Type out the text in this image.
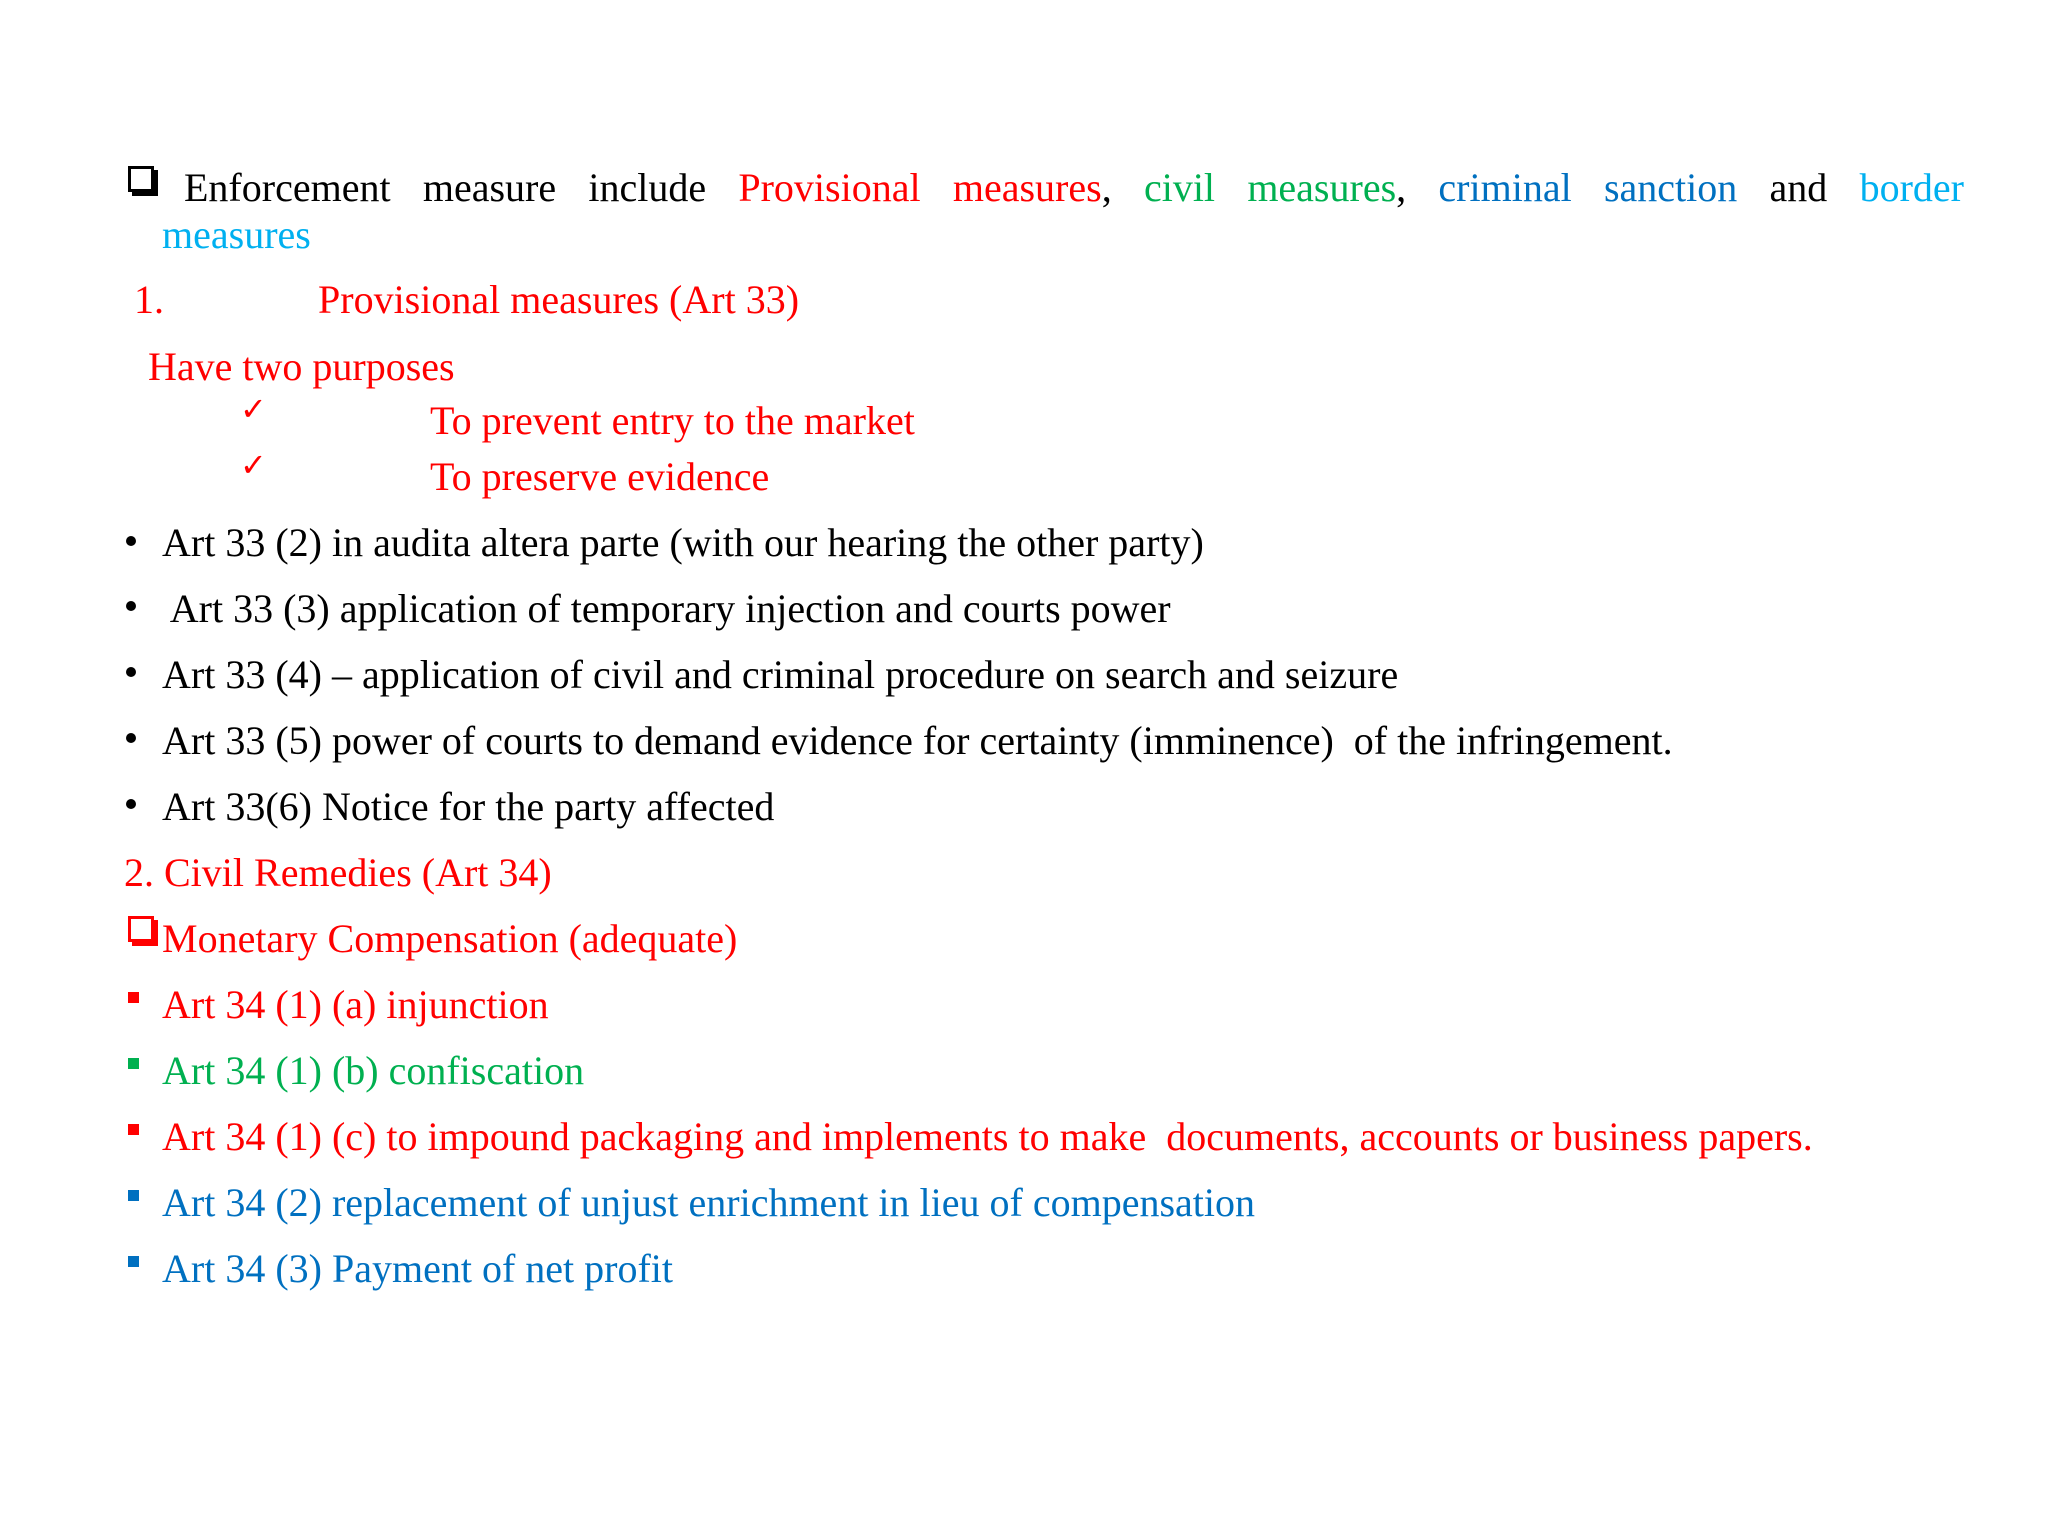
Enforcement measure include Provisional measures, civil measures, criminal sanction and border
measures
1.	Provisional measures (Art 33)
Have two purposes
✓	To prevent entry to the market
✓	To preserve evidence
Art 33 (2) in audita altera parte (with our hearing the other party)
Art 33 (3) application of temporary injection and courts power
Art 33 (4) – application of civil and criminal procedure on search and seizure
Art 33 (5) power of courts to demand evidence for certainty (imminence)  of the infringement.
Art 33(6) Notice for the party affected
2. Civil Remedies (Art 34)
Monetary Compensation (adequate)
Art 34 (1) (a) injunction
Art 34 (1) (b) confiscation
Art 34 (1) (c) to impound packaging and implements to make  documents, accounts or business papers.
Art 34 (2) replacement of unjust enrichment in lieu of compensation
Art 34 (3) Payment of net profit
